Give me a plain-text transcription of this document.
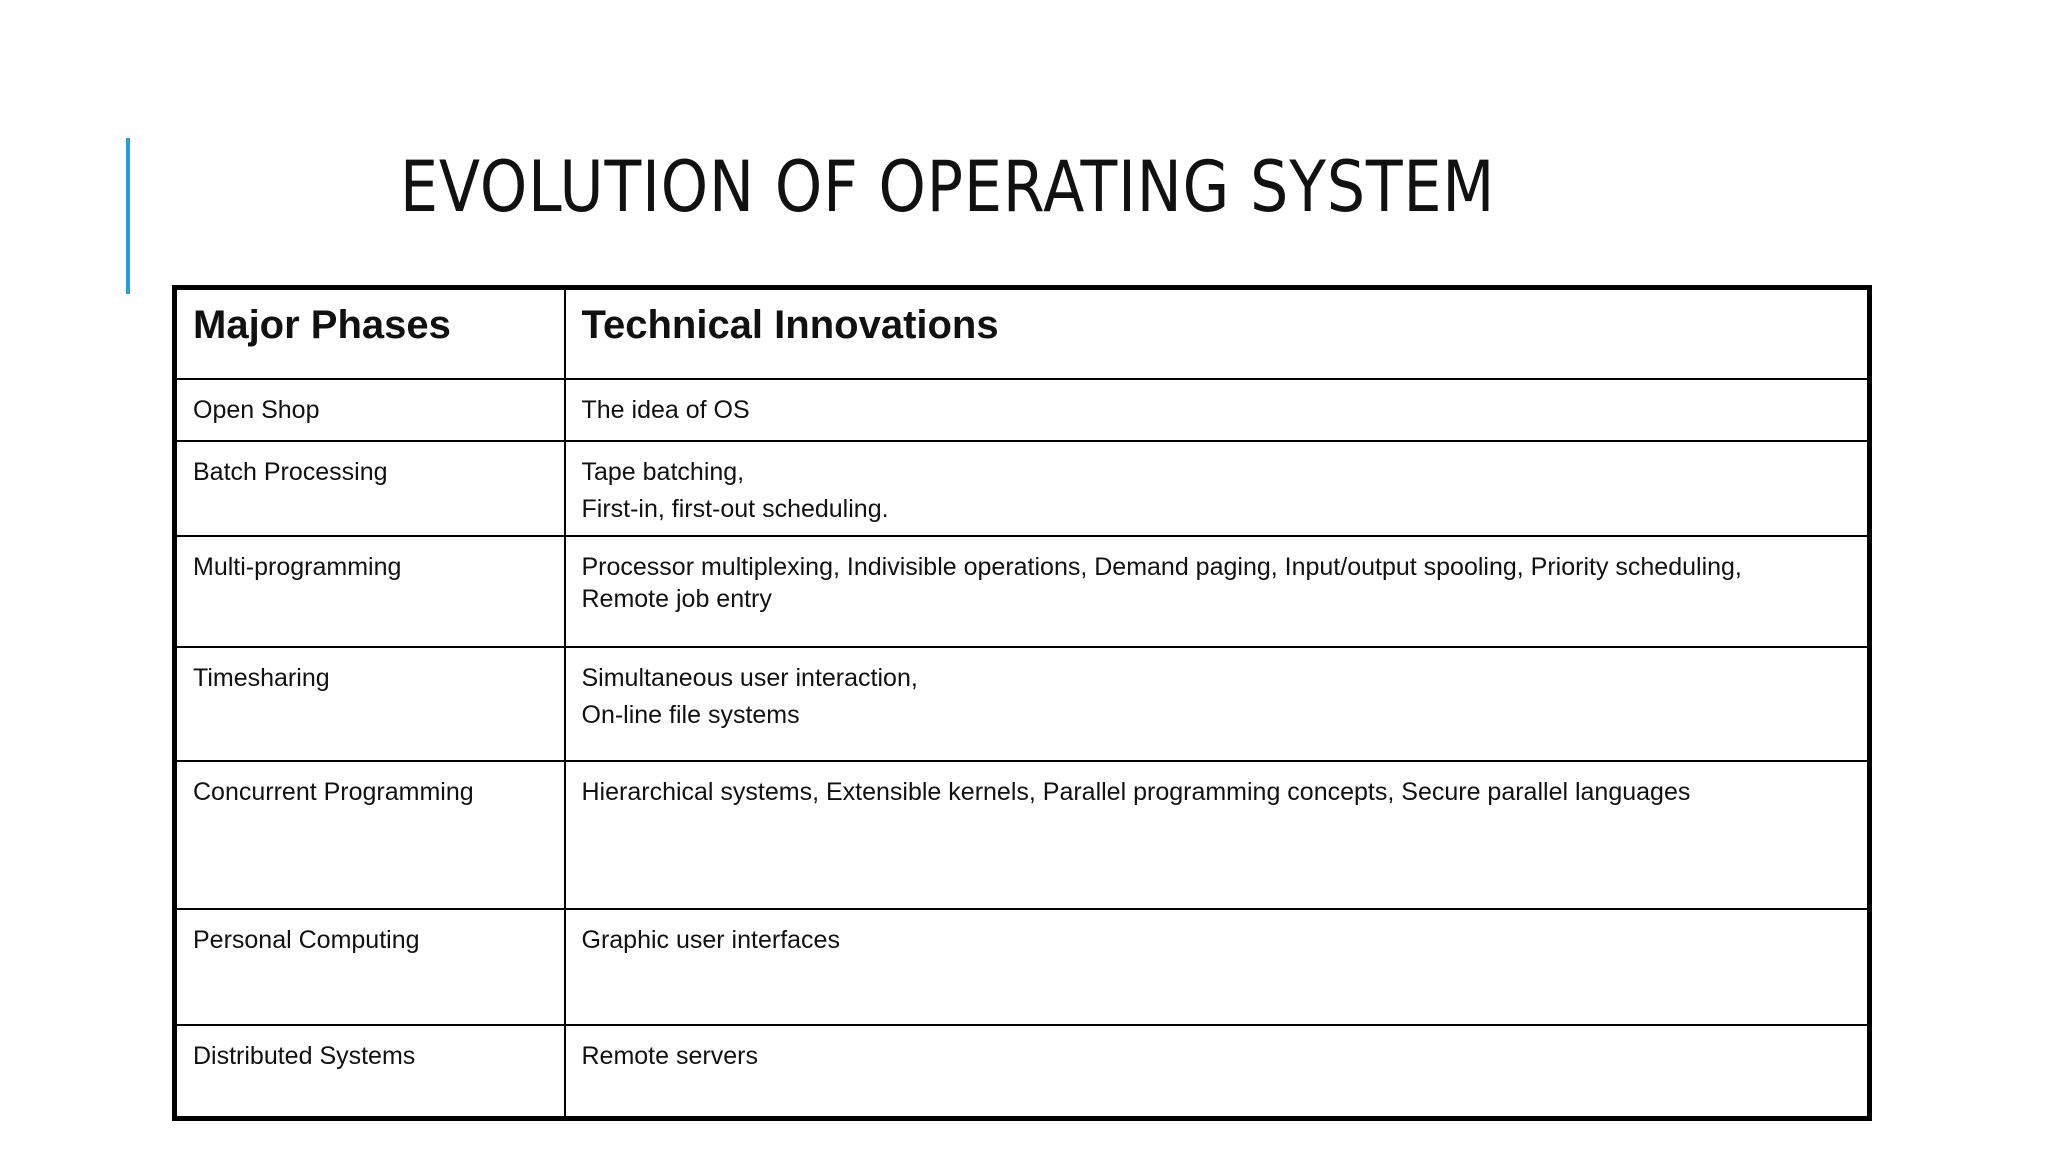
EVOLUTION OF OPERATING SYSTEM
Major Phases	Technical Innovations
Open Shop	The idea of OS

Batch Processing	Tape batching,
First-in, first-out scheduling.

Multi-programming	Processor multiplexing, Indivisible operations, Demand paging, Input/output spooling, Priority scheduling,
Remote job entry

Timesharing	Simultaneous user interaction,
On-line file systems

Concurrent Programming	Hierarchical systems, Extensible kernels, Parallel programming concepts, Secure parallel languages

Personal Computing	Graphic user interfaces

Distributed Systems	Remote servers
